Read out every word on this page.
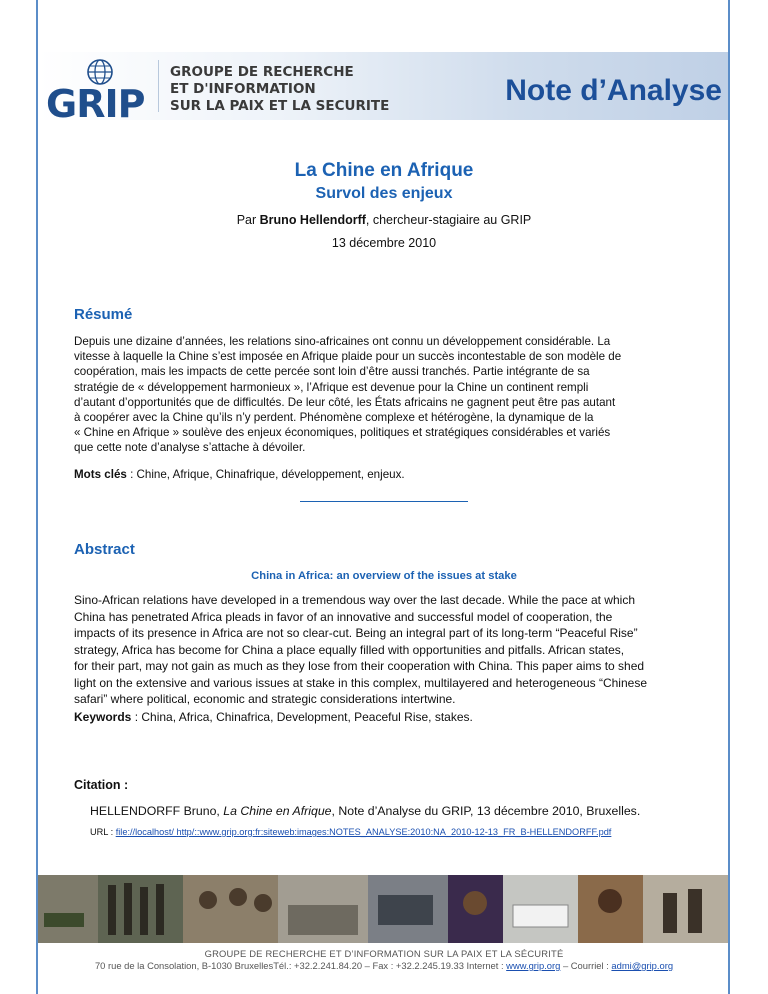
GRIP
GROUPE DE RECHERCHE
ET D'INFORMATION
SUR LA PAIX ET LA SECURITE	Note d’Analyse
La Chine en Afrique
Survol des enjeux
Par Bruno Hellendorff, chercheur-stagiaire au GRIP
13 décembre 2010
Résumé
Depuis une dizaine d’années, les relations sino-africaines ont connu un développement considérable. La
vitesse à laquelle la Chine s’est imposée en Afrique plaide pour un succès incontestable de son modèle de
coopération, mais les impacts de cette percée sont loin d’être aussi tranchés. Partie intégrante de sa
stratégie de « développement harmonieux », l’Afrique est devenue pour la Chine un continent rempli
d’autant d’opportunités que de difficultés. De leur côté, les États africains ne gagnent peut être pas autant
à coopérer avec la Chine qu’ils n’y perdent. Phénomène complexe et hétérogène, la dynamique de la
« Chine en Afrique » soulève des enjeux économiques, politiques et stratégiques considérables et variés
que cette note d’analyse s’attache à dévoiler.
Mots clés : Chine, Afrique, Chinafrique, développement, enjeux.
Abstract
China in Africa: an overview of the issues at stake
Sino-African relations have developed in a tremendous way over the last decade. While the pace at which
China has penetrated Africa pleads in favor of an innovative and successful model of cooperation, the
impacts of its presence in Africa are not so clear-cut. Being an integral part of its long-term “Peaceful Rise”
strategy, Africa has become for China a place equally filled with opportunities and pitfalls. African states,
for their part, may not gain as much as they lose from their cooperation with China. This paper aims to shed
light on the extensive and various issues at stake in this complex, multilayered and heterogeneous “Chinese
safari” where political, economic and strategic considerations intertwine.
Keywords : China, Africa, Chinafrica, Development, Peaceful Rise, stakes.
Citation :
HELLENDORFF Bruno, La Chine en Afrique, Note d’Analyse du GRIP, 13 décembre 2010, Bruxelles.
URL : file://localhost/ http/::www.grip.org:fr:siteweb:images:NOTES_ANALYSE:2010:NA_2010-12-13_FR_B-HELLENDORFF.pdf
GROUPE DE RECHERCHE ET D’INFORMATION SUR LA PAIX ET LA SÉCURITÉ
70 rue de la Consolation, B-1030 BruxellesTél.: +32.2.241.84.20 – Fax : +32.2.245.19.33 Internet : www.grip.org – Courriel : admi@grip.org
